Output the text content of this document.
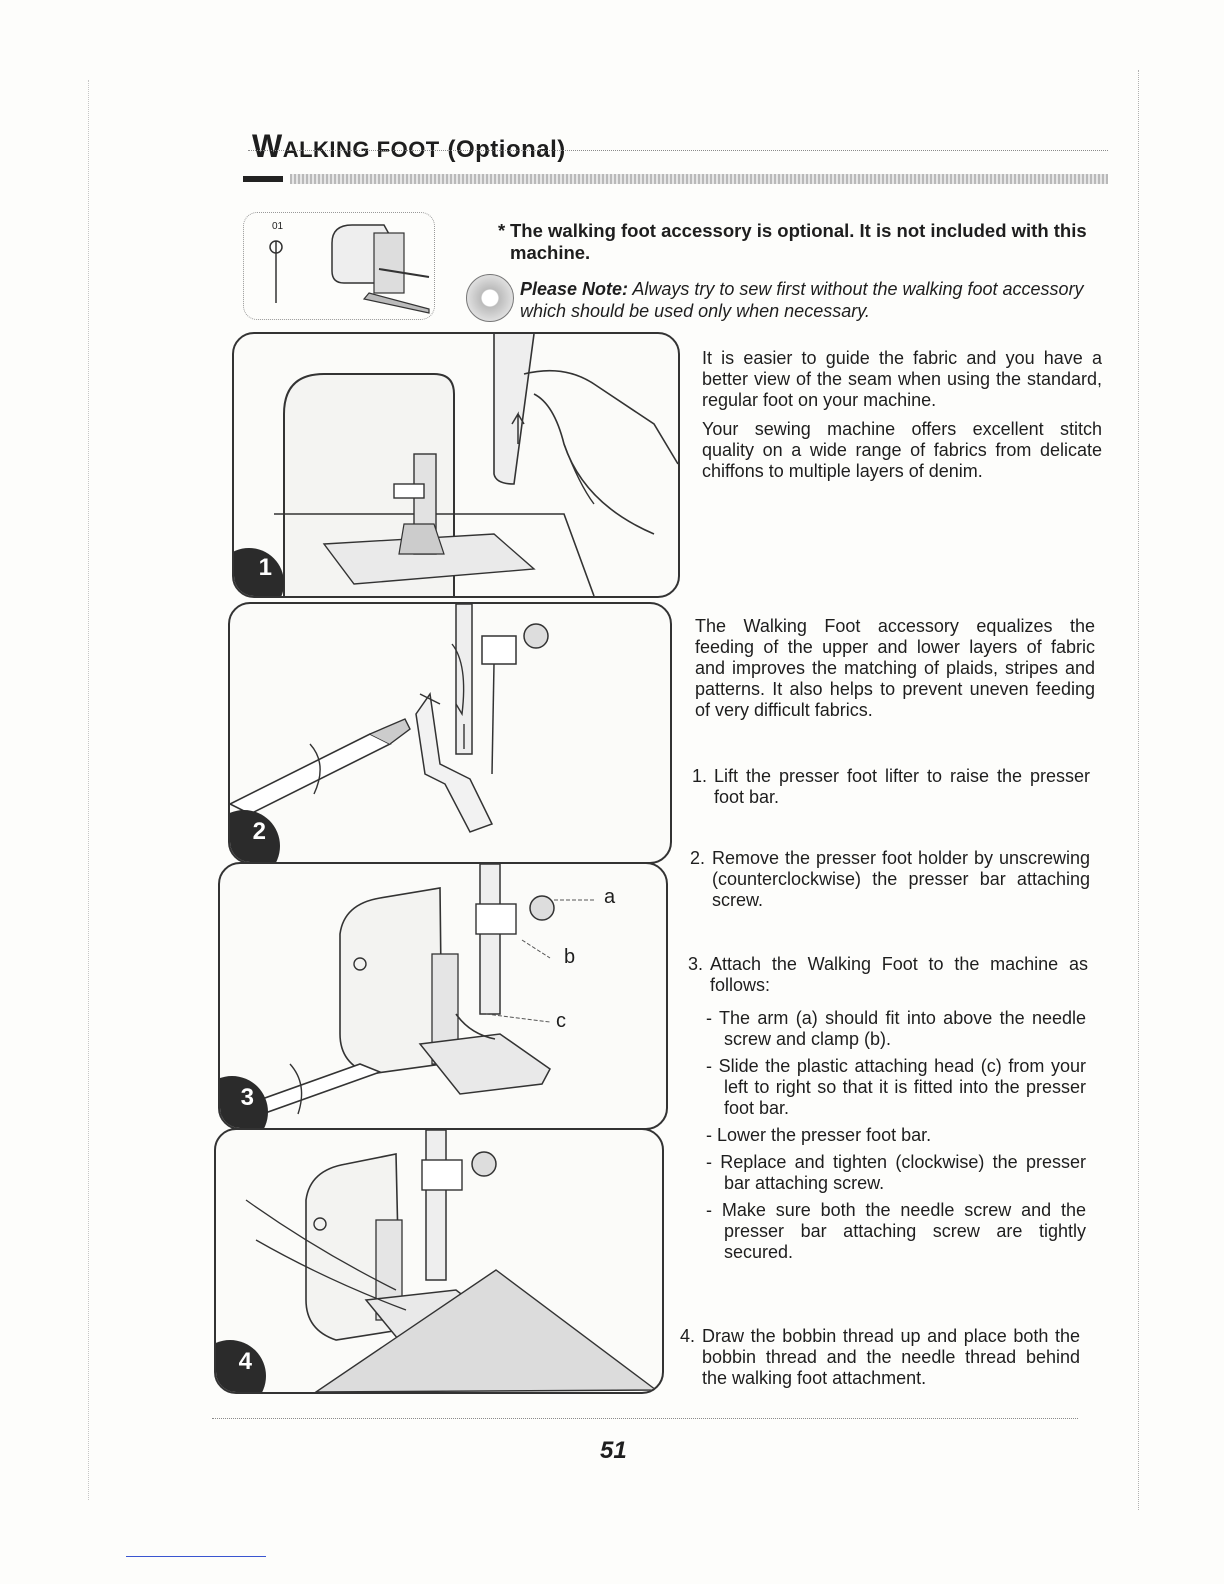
WALKING FOOT (Optional)
01	* The walking foot accessory is optional. It is not included with this machine.
Please Note: Always try to sew first without the walking foot accessory which should be used only when necessary.

It is easier to guide the fabric and you have a better view of the seam when using the standard, regular foot on your machine.

Your sewing machine offers excellent stitch quality on a wide range of fabrics from delicate chiffons to multiple layers of denim.

The Walking Foot accessory equalizes the feeding of the upper and lower layers of fabric and improves the matching of plaids, stripes and patterns. It also helps to prevent uneven feeding of very difficult fabrics.

1. Lift the presser foot lifter to raise the presser foot bar.
2. Remove the presser foot holder by unscrewing (counterclockwise) the presser bar attaching screw.
3. Attach the Walking Foot to the machine as follows:
- The arm (a) should fit into above the needle screw and clamp (b).
- Slide the plastic attaching head (c) from your left to right so that it is fitted into the presser foot bar.
- Lower the presser foot bar.
- Replace and tighten (clockwise) the presser bar attaching screw.
- Make sure both the needle screw and the presser bar attaching screw are tightly secured.
4. Draw the bobbin thread up and place both the bobbin thread and the needle thread behind the walking foot attachment.
1
2
a
b
c
3
4
51
